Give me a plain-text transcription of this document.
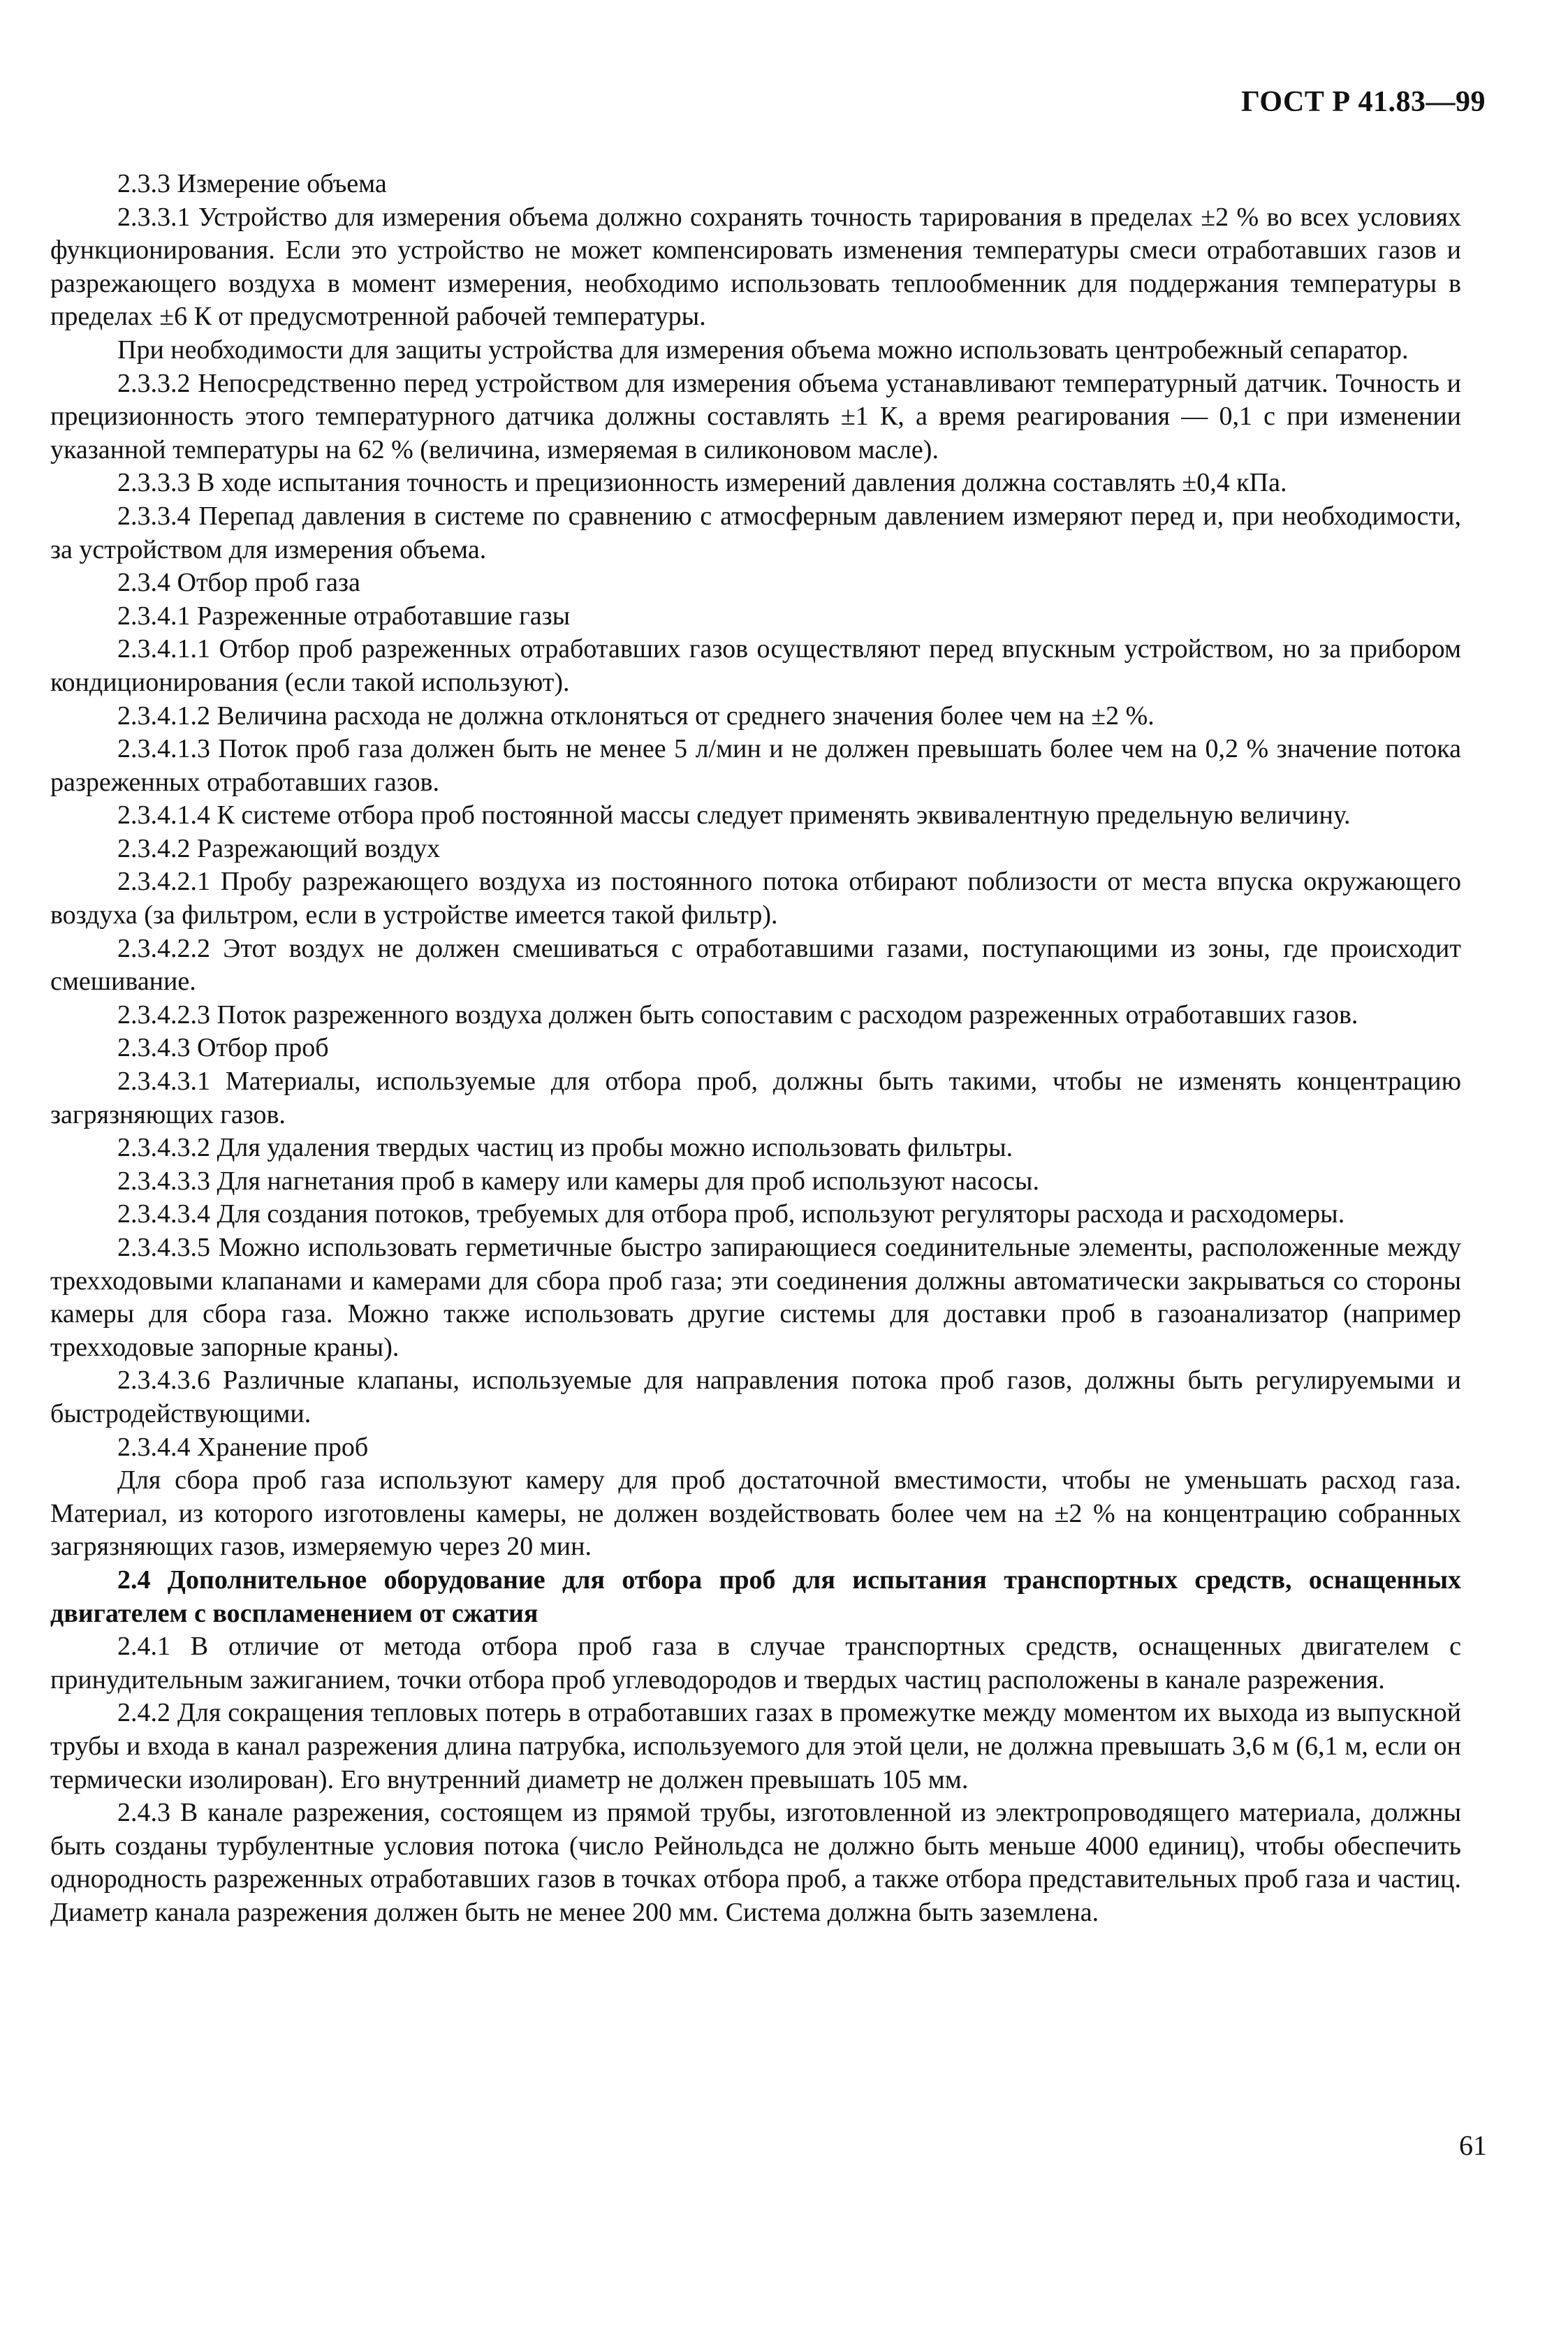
ГОСТ Р 41.83—99

2.3.3 Измерение объема

2.3.3.1 Устройство для измерения объема должно сохранять точность тарирования в пределах ±2 % во всех условиях функционирования. Если это устройство не может компенсировать изменения температуры смеси отработавших газов и разрежающего воздуха в момент измерения, необходимо использовать теплообменник для поддержания температуры в пределах ±6 К от предусмотренной рабочей температуры.

При необходимости для защиты устройства для измерения объема можно использовать центробежный сепаратор.

2.3.3.2 Непосредственно перед устройством для измерения объема устанавливают температурный датчик. Точность и прецизионность этого температурного датчика должны составлять ±1 К, а время реагирования — 0,1 с при изменении указанной температуры на 62 % (величина, измеряемая в силиконовом масле).

2.3.3.3 В ходе испытания точность и прецизионность измерений давления должна составлять ±0,4 кПа.

2.3.3.4 Перепад давления в системе по сравнению с атмосферным давлением измеряют перед и, при необходимости, за устройством для измерения объема.

2.3.4 Отбор проб газа

2.3.4.1 Разреженные отработавшие газы

2.3.4.1.1 Отбор проб разреженных отработавших газов осуществляют перед впускным устройством, но за прибором кондиционирования (если такой используют).

2.3.4.1.2 Величина расхода не должна отклоняться от среднего значения более чем на ±2 %.

2.3.4.1.3 Поток проб газа должен быть не менее 5 л/мин и не должен превышать более чем на 0,2 % значение потока разреженных отработавших газов.

2.3.4.1.4 К системе отбора проб постоянной массы следует применять эквивалентную предельную величину.

2.3.4.2 Разрежающий воздух

2.3.4.2.1 Пробу разрежающего воздуха из постоянного потока отбирают поблизости от места впуска окружающего воздуха (за фильтром, если в устройстве имеется такой фильтр).

2.3.4.2.2 Этот воздух не должен смешиваться с отработавшими газами, поступающими из зоны, где происходит смешивание.

2.3.4.2.3 Поток разреженного воздуха должен быть сопоставим с расходом разреженных отработавших газов.

2.3.4.3 Отбор проб

2.3.4.3.1 Материалы, используемые для отбора проб, должны быть такими, чтобы не изменять концентрацию загрязняющих газов.

2.3.4.3.2 Для удаления твердых частиц из пробы можно использовать фильтры.

2.3.4.3.3 Для нагнетания проб в камеру или камеры для проб используют насосы.

2.3.4.3.4 Для создания потоков, требуемых для отбора проб, используют регуляторы расхода и расходомеры.

2.3.4.3.5 Можно использовать герметичные быстро запирающиеся соединительные элементы, расположенные между трехходовыми клапанами и камерами для сбора проб газа; эти соединения должны автоматически закрываться со стороны камеры для сбора газа. Можно также использовать другие системы для доставки проб в газоанализатор (например трехходовые запорные краны).

2.3.4.3.6 Различные клапаны, используемые для направления потока проб газов, должны быть регулируемыми и быстродействующими.

2.3.4.4 Хранение проб

Для сбора проб газа используют камеру для проб достаточной вместимости, чтобы не уменьшать расход газа. Материал, из которого изготовлены камеры, не должен воздействовать более чем на ±2 % на концентрацию собранных загрязняющих газов, измеряемую через 20 мин.

2.4 Дополнительное оборудование для отбора проб для испытания транспортных средств, оснащенных двигателем с воспламенением от сжатия

2.4.1 В отличие от метода отбора проб газа в случае транспортных средств, оснащенных двигателем с принудительным зажиганием, точки отбора проб углеводородов и твердых частиц расположены в канале разрежения.

2.4.2 Для сокращения тепловых потерь в отработавших газах в промежутке между моментом их выхода из выпускной трубы и входа в канал разрежения длина патрубка, используемого для этой цели, не должна превышать 3,6 м (6,1 м, если он термически изолирован). Его внутренний диаметр не должен превышать 105 мм.

2.4.3 В канале разрежения, состоящем из прямой трубы, изготовленной из электропроводящего материала, должны быть созданы турбулентные условия потока (число Рейнольдса не должно быть меньше 4000 единиц), чтобы обеспечить однородность разреженных отработавших газов в точках отбора проб, а также отбора представительных проб газа и частиц. Диаметр канала разрежения должен быть не менее 200 мм. Система должна быть заземлена.

61
